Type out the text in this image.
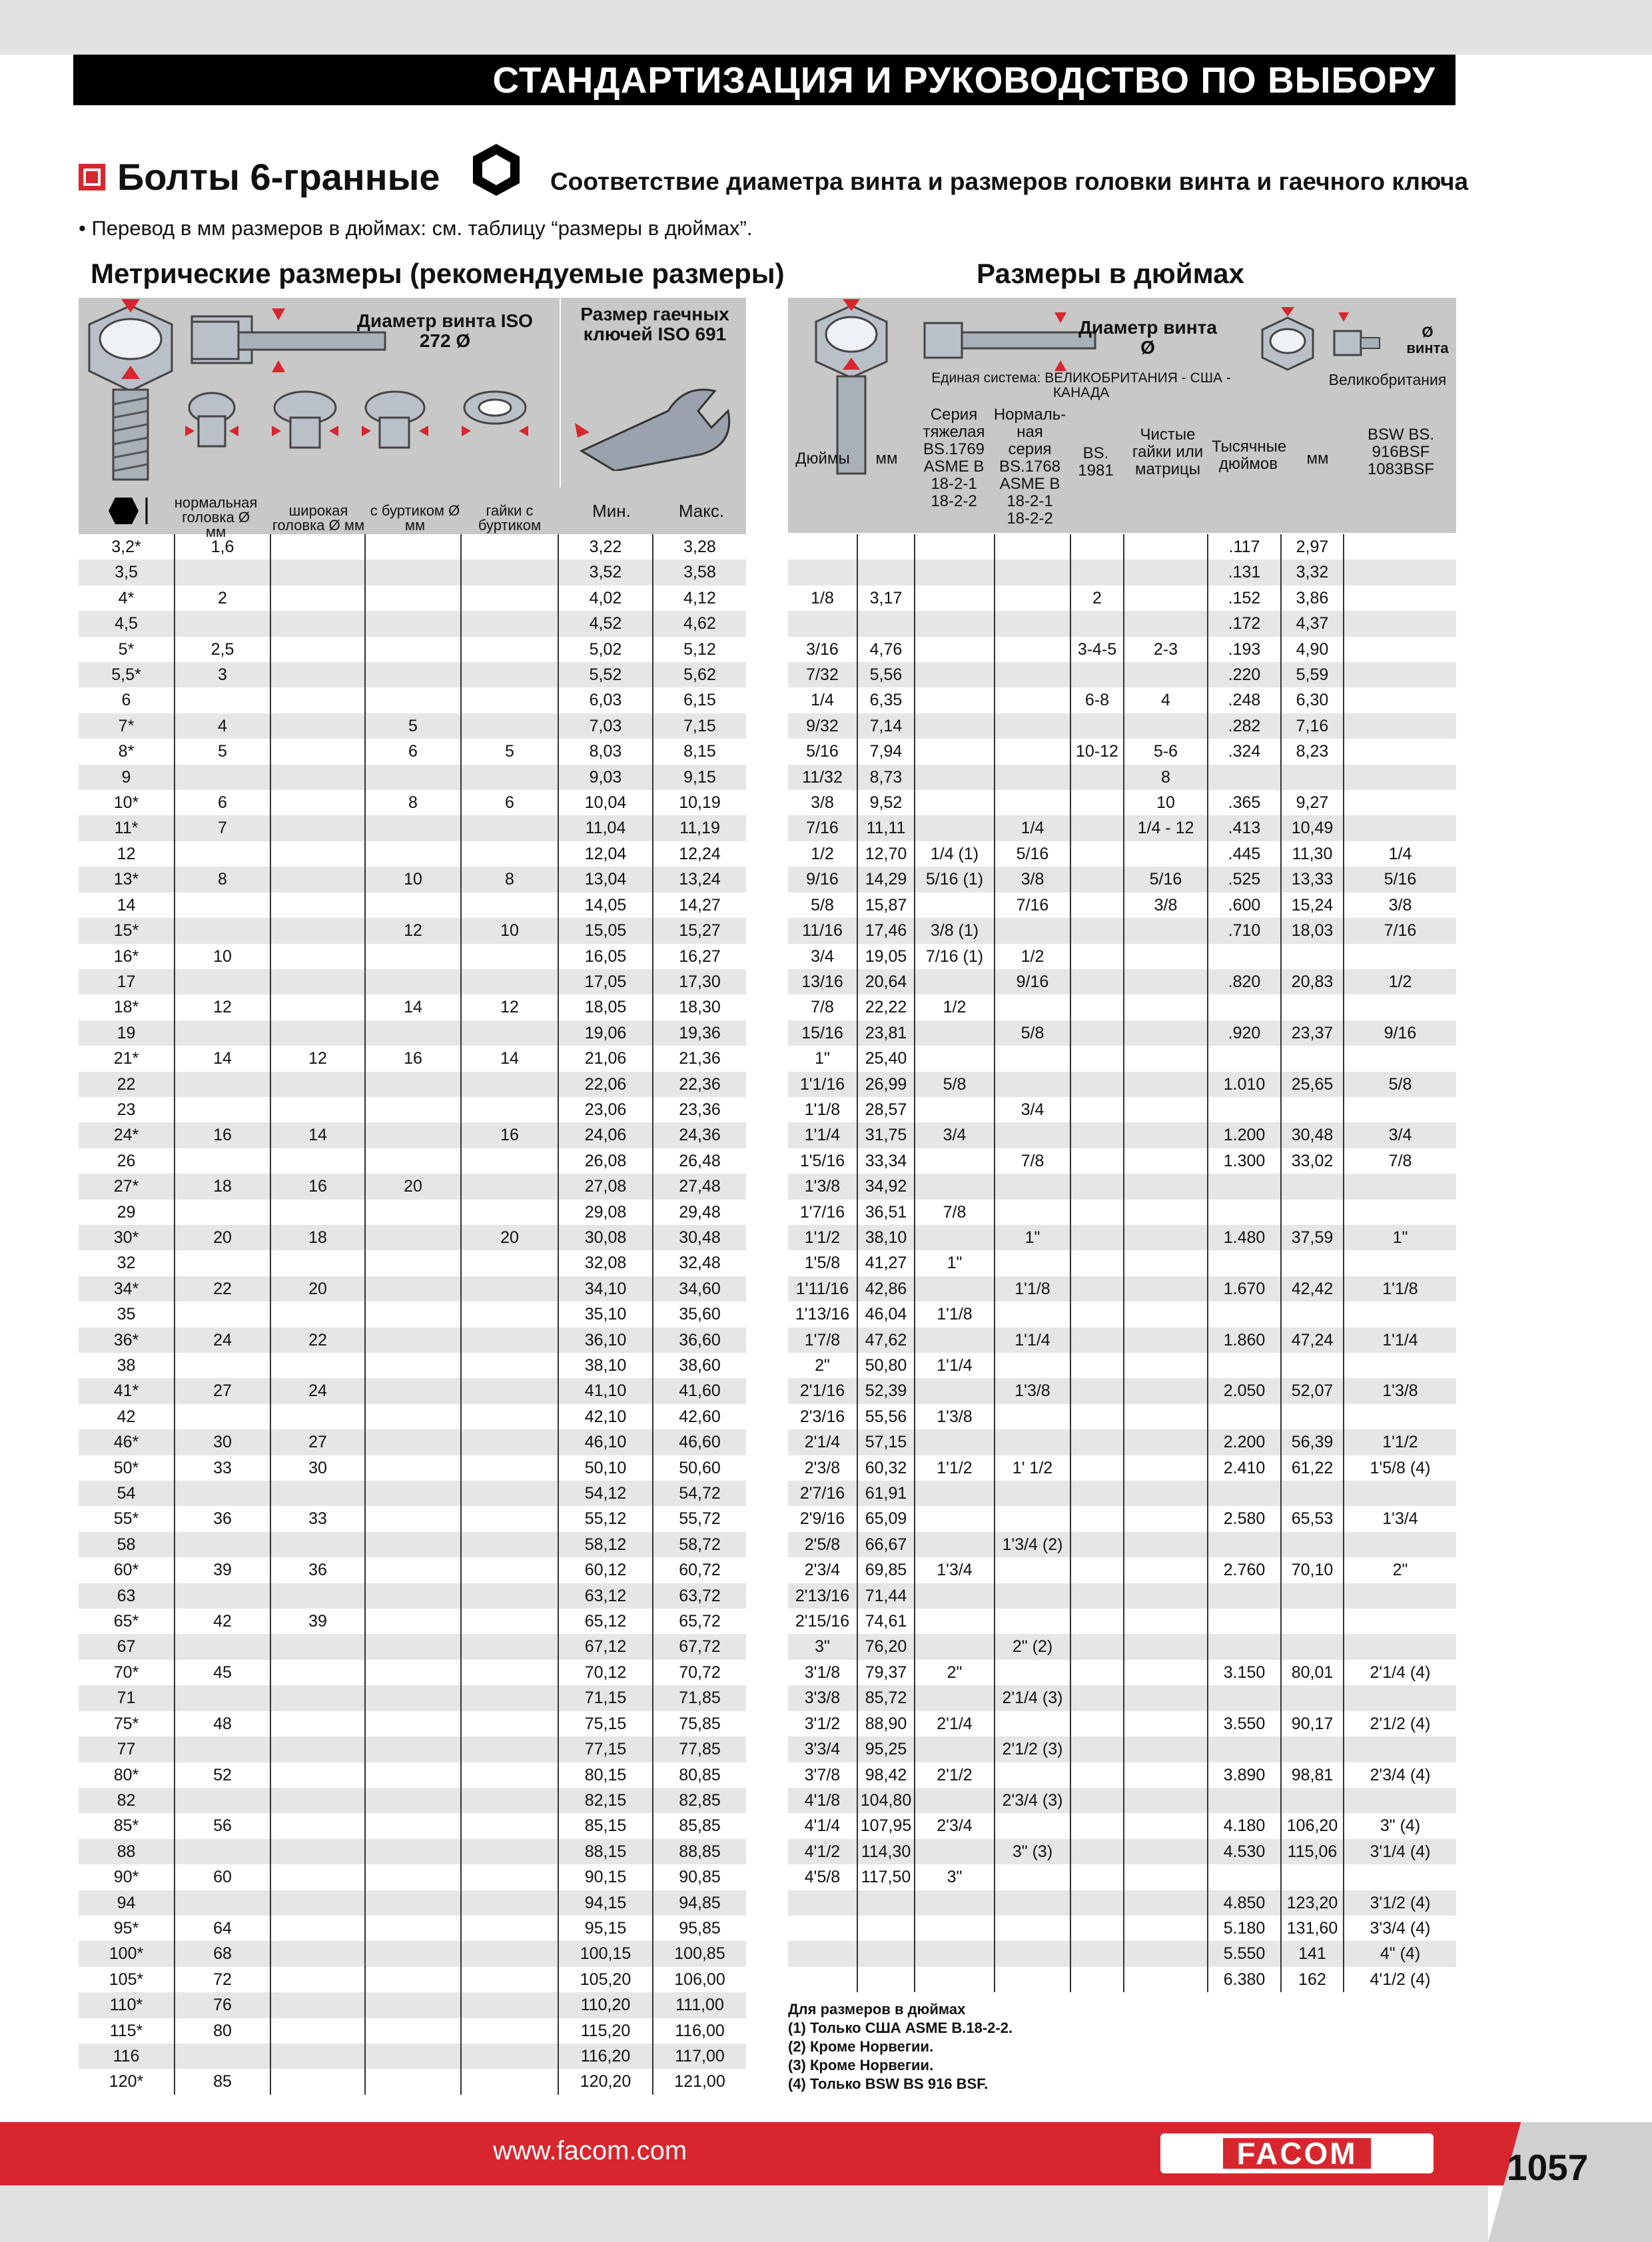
СТАНДАРТИЗАЦИЯ И РУКОВОДСТВО ПО ВЫБОРУ
Болты 6-гранные	Соответствие диаметра винта и размеров головки винта и гаечного ключа
• Перевод в мм размеров в дюймах: см. таблицу “размеры в дюймах”.
Метрические размеры (рекомендуемые размеры)
Диаметр винта ISO 272 Ø
Размер гаечных ключей ISO 691
нормальная головка Ø мм
широкая головка Ø мм
с буртиком Ø мм
гайки с буртиком
Мин.	Макс.
3,2*	1,6				3,22	3,28
3,5					3,52	3,58
4*	2				4,02	4,12
4,5					4,52	4,62
5*	2,5				5,02	5,12
5,5*	3				5,52	5,62
6					6,03	6,15
7*	4		5		7,03	7,15
8*	5		6	5	8,03	8,15
9					9,03	9,15
10*	6		8	6	10,04	10,19
11*	7				11,04	11,19
12					12,04	12,24
13*	8		10	8	13,04	13,24
14					14,05	14,27
15*			12	10	15,05	15,27
16*	10				16,05	16,27
17					17,05	17,30
18*	12		14	12	18,05	18,30
19					19,06	19,36
21*	14	12	16	14	21,06	21,36
22					22,06	22,36
23					23,06	23,36
24*	16	14		16	24,06	24,36
26					26,08	26,48
27*	18	16	20		27,08	27,48
29					29,08	29,48
30*	20	18		20	30,08	30,48
32					32,08	32,48
34*	22	20			34,10	34,60
35					35,10	35,60
36*	24	22			36,10	36,60
38					38,10	38,60
41*	27	24			41,10	41,60
42					42,10	42,60
46*	30	27			46,10	46,60
50*	33	30			50,10	50,60
54					54,12	54,72
55*	36	33			55,12	55,72
58					58,12	58,72
60*	39	36			60,12	60,72
63					63,12	63,72
65*	42	39			65,12	65,72
67					67,12	67,72
70*	45				70,12	70,72
71					71,15	71,85
75*	48				75,15	75,85
77					77,15	77,85
80*	52				80,15	80,85
82					82,15	82,85
85*	56				85,15	85,85
88					88,15	88,85
90*	60				90,15	90,85
94					94,15	94,85
95*	64				95,15	95,85
100*	68				100,15	100,85
105*	72				105,20	106,00
110*	76				110,20	111,00
115*	80				115,20	116,00
116					116,20	117,00
120*	85				120,20	121,00
Размеры в дюймах
Диаметр винта Ø
Единая система: ВЕЛИКОБРИТАНИЯ - США - КАНАДА
Ø винта
Великобритания
Дюймы	мм
Серия тяжелая BS.1769 ASME B 18-2-1 18-2-2
Нормаль-ная серия BS.1768 ASME B 18-2-1 18-2-2
BS. 1981
Чистые гайки или матрицы
Тысячные дюймов	мм
BSW BS. 916BSF 1083BSF
						.117	2,97	
						.131	3,32	
1/8	3,17			2		.152	3,86	
						.172	4,37	
3/16	4,76			3-4-5	2-3	.193	4,90	
7/32	5,56					.220	5,59	
1/4	6,35			6-8	4	.248	6,30	
9/32	7,14					.282	7,16	
5/16	7,94			10-12	5-6	.324	8,23	
11/32	8,73				8			
3/8	9,52				10	.365	9,27	
7/16	11,11		1/4		1/4 - 12	.413	10,49	
1/2	12,70	1/4 (1)	5/16			.445	11,30	1/4
9/16	14,29	5/16 (1)	3/8		5/16	.525	13,33	5/16
5/8	15,87		7/16		3/8	.600	15,24	3/8
11/16	17,46	3/8 (1)				.710	18,03	7/16
3/4	19,05	7/16 (1)	1/2					
13/16	20,64		9/16			.820	20,83	1/2
7/8	22,22	1/2						
15/16	23,81		5/8			.920	23,37	9/16
1"	25,40							
1'1/16	26,99	5/8				1.010	25,65	5/8
1'1/8	28,57		3/4					
1'1/4	31,75	3/4				1.200	30,48	3/4
1'5/16	33,34		7/8			1.300	33,02	7/8
1'3/8	34,92							
1'7/16	36,51	7/8						
1'1/2	38,10		1"			1.480	37,59	1"
1'5/8	41,27	1"						
1'11/16	42,86		1'1/8			1.670	42,42	1'1/8
1'13/16	46,04	1'1/8						
1'7/8	47,62		1'1/4			1.860	47,24	1'1/4
2"	50,80	1'1/4						
2'1/16	52,39		1'3/8			2.050	52,07	1'3/8
2'3/16	55,56	1'3/8						
2'1/4	57,15					2.200	56,39	1'1/2
2'3/8	60,32	1'1/2	1' 1/2			2.410	61,22	1'5/8 (4)
2'7/16	61,91							
2'9/16	65,09					2.580	65,53	1'3/4
2'5/8	66,67		1'3/4 (2)					
2'3/4	69,85	1'3/4				2.760	70,10	2"
2'13/16	71,44							
2'15/16	74,61							
3"	76,20		2" (2)					
3'1/8	79,37	2"				3.150	80,01	2'1/4 (4)
3'3/8	85,72		2'1/4 (3)					
3'1/2	88,90	2'1/4				3.550	90,17	2'1/2 (4)
3'3/4	95,25		2'1/2 (3)					
3'7/8	98,42	2'1/2				3.890	98,81	2'3/4 (4)
4'1/8	104,80		2'3/4 (3)					
4'1/4	107,95	2'3/4				4.180	106,20	3" (4)
4'1/2	114,30		3" (3)			4.530	115,06	3'1/4 (4)
4'5/8	117,50	3"						
						4.850	123,20	3'1/2 (4)
						5.180	131,60	3'3/4 (4)
						5.550	141	4" (4)
						6.380	162	4'1/2 (4)
Для размеров в дюймах
(1) Только США ASME B.18-2-2.
(2) Кроме Норвегии.
(3) Кроме Норвегии.
(4) Только BSW BS 916 BSF.
www.facom.com	FACOM	1057
